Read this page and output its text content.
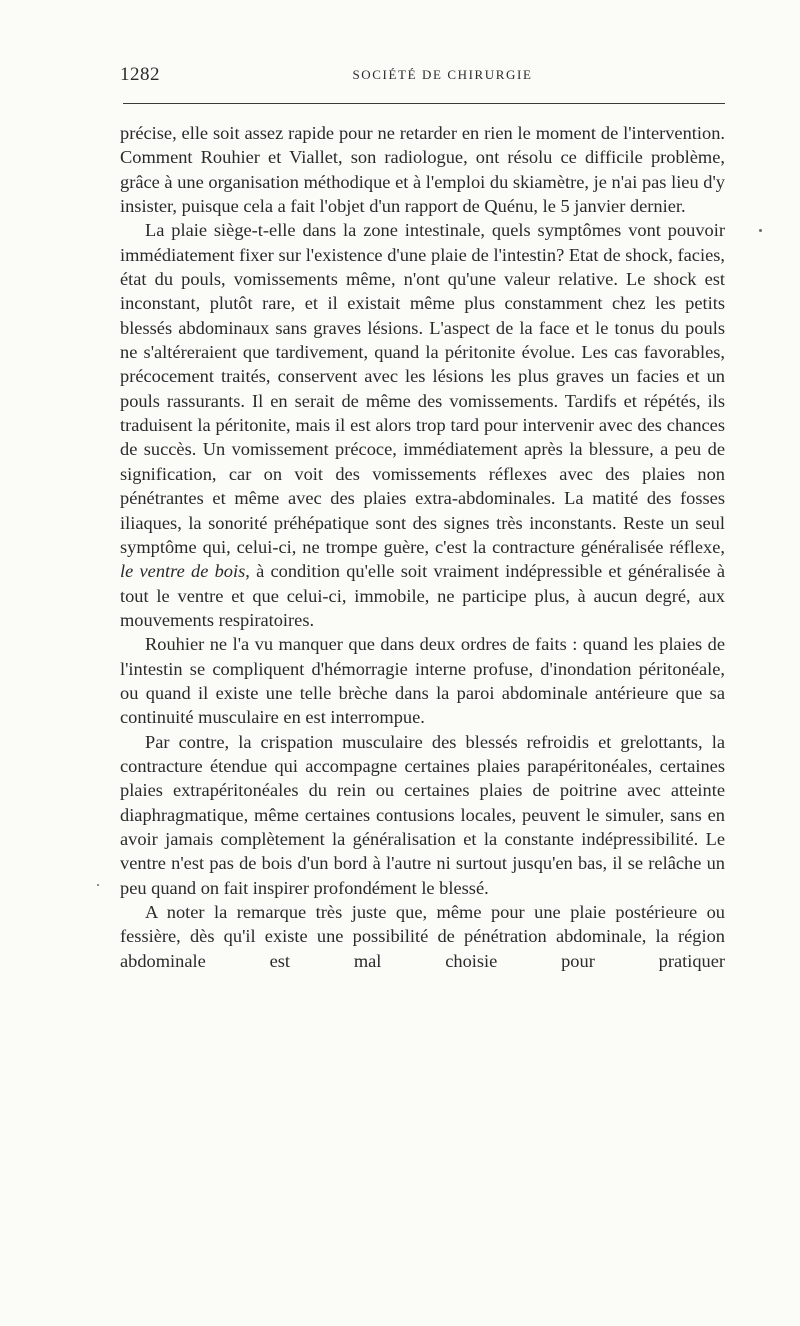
1282	SOCIÉTÉ DE CHIRURGIE

précise, elle soit assez rapide pour ne retarder en rien le moment de l'intervention. Comment Rouhier et Viallet, son radiologue, ont résolu ce difficile problème, grâce à une organisation méthodique et à l'emploi du skiamètre, je n'ai pas lieu d'y insister, puisque cela a fait l'objet d'un rapport de Quénu, le 5 janvier dernier.

La plaie siège-t-elle dans la zone intestinale, quels symptômes vont pouvoir immédiatement fixer sur l'existence d'une plaie de l'intestin? Etat de shock, facies, état du pouls, vomissements même, n'ont qu'une valeur relative. Le shock est inconstant, plutôt rare, et il existait même plus constamment chez les petits blessés abdominaux sans graves lésions. L'aspect de la face et le tonus du pouls ne s'altéreraient que tardivement, quand la péritonite évolue. Les cas favorables, précocement traités, conservent avec les lésions les plus graves un facies et un pouls rassurants. Il en serait de même des vomissements. Tardifs et répétés, ils traduisent la péritonite, mais il est alors trop tard pour intervenir avec des chances de succès. Un vomissement précoce, immédiatement après la blessure, a peu de signification, car on voit des vomissements réflexes avec des plaies non pénétrantes et même avec des plaies extra-abdominales. La matité des fosses iliaques, la sonorité préhépatique sont des signes très inconstants. Reste un seul symptôme qui, celui-ci, ne trompe guère, c'est la contracture généralisée réflexe, le ventre de bois, à condition qu'elle soit vraiment indépressible et généralisée à tout le ventre et que celui-ci, immobile, ne participe plus, à aucun degré, aux mouvements respiratoires.

Rouhier ne l'a vu manquer que dans deux ordres de faits : quand les plaies de l'intestin se compliquent d'hémorragie interne profuse, d'inondation péritonéale, ou quand il existe une telle brèche dans la paroi abdominale antérieure que sa continuité musculaire en est interrompue.

Par contre, la crispation musculaire des blessés refroidis et grelottants, la contracture étendue qui accompagne certaines plaies parapéritonéales, certaines plaies extrapéritonéales du rein ou certaines plaies de poitrine avec atteinte diaphragmatique, même certaines contusions locales, peuvent le simuler, sans en avoir jamais complètement la généralisation et la constante indépressibilité. Le ventre n'est pas de bois d'un bord à l'autre ni surtout jusqu'en bas, il se relâche un peu quand on fait inspirer profondément le blessé.

A noter la remarque très juste que, même pour une plaie postérieure ou fessière, dès qu'il existe une possibilité de pénétration abdominale, la région abdominale est mal choisie pour pratiquer
